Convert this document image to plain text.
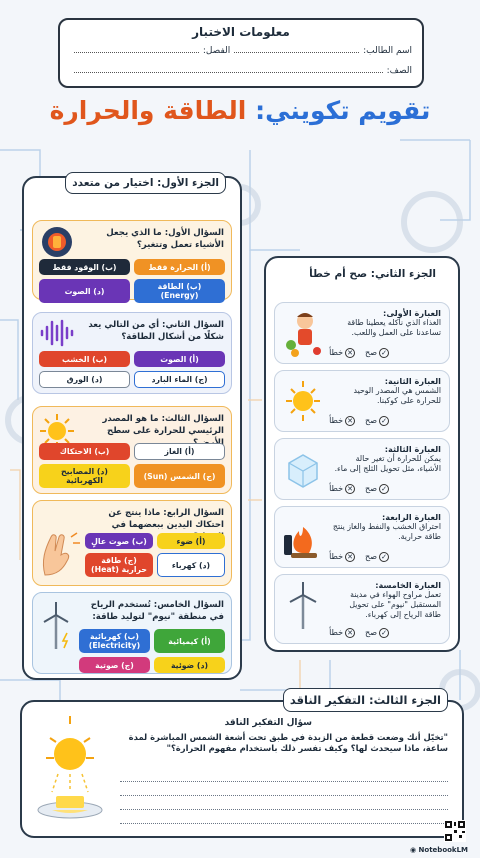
معلومات الاختبار
اسم الطالب:
الفصل:
الصف:
تقويم تكويني: الطاقة والحرارة
الجزء الأول: اختيار من متعدد
السؤال الأول: ما الذي يجعل الأشياء تعمل وتتغير؟
(أ) الحرارة فقط
(ب) الوقود فقط
(ب) الطاقة (Energy)
(د) الصوت
السؤال الثاني: أي من التالي يعد شكلًا من أشكال الطاقة؟
(أ) الصوت
(ب) الخشب
(ج) الماء البارد
(د) الورق
السؤال الثالث: ما هو المصدر الرئيسي للحرارة على سطح
(أ) الغاز
(ب) الاحتكاك
(ج) الشمس (Sun)
(د) المصابيح الكهربائية
السؤال الرابع: ماذا ينتج عن احتكاك اليدين ببعضهما في
(أ) ضوء
(ب) صوت عالٍ
(د) كهرباء
(ج) طاقة حرارية (Heat)
السؤال الخامس: تُستخدم الرياح في منطقة "نيوم" لتوليد طاقة:
(أ) كيميائية
(ب) كهربائية (Electricity)
(د) ضوئية
(ج) صوتية
الجزء الثاني: صح أم خطأ
العبارة الأولى:
الغذاء الذي نأكله يعطينا طاقة تساعدنا على العمل واللعب.
✓صح
✕خطأ
العبارة الثانية:
الشمس هي المصدر الوحيد للحرارة على كوكبنا.
✓صح
✕خطأ
العبارة الثالثة:
يمكن للحرارة أن تغير حالة الأشياء، مثل تحويل الثلج إلى ماء.
✓صح
✕خطأ
العبارة الرابعة:
احتراق الخشب والنفط والغاز ينتج طاقة حرارية.
✓صح
✕خطأ
العبارة الخامسة:
تعمل مراوح الهواء في مدينة المستقبل "نيوم" على تحويل طاقة الرياح إلى كهرباء.
✓صح
✕خطأ
الجزء الثالث: التفكير الناقد
سؤال التفكير الناقد
"تخيّل أنك وضعت قطعة من الزبدة في طبق تحت أشعة الشمس المباشرة لمدة ساعة، ماذا سيحدث لها؟ وكيف تفسر ذلك باستخدام مفهوم الحرارة؟"
◉ NotebookLM
